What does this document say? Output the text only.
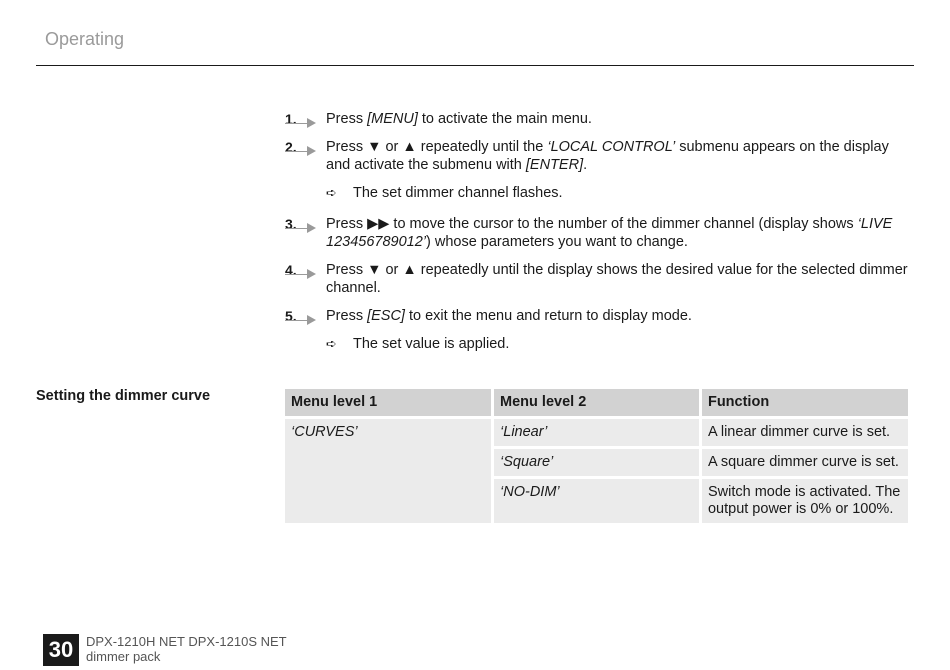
Operating
1.	Press [MENU] to activate the main menu.
2.	Press ▼ or ▲ repeatedly until the ‘LOCAL CONTROL’ submenu appears on the display and activate the submenu with [ENTER].
➪ The set dimmer channel flashes.
3.	Press ▶▶ to move the cursor to the number of the dimmer channel (display shows ‘LIVE 123456789012’) whose parameters you want to change.
4.	Press ▼ or ▲ repeatedly until the display shows the desired value for the selected dimmer channel.
5.	Press [ESC] to exit the menu and return to display mode.
➪ The set value is applied.
Setting the dimmer curve	Menu level 1	Menu level 2	Function
‘CURVES’	‘Linear’	A linear dimmer curve is set.
	‘Square’	A square dimmer curve is set.
	‘NO-DIM’	Switch mode is activated. The output power is 0% or 100%.
30 DPX-1210H NET DPX-1210S NET
dimmer pack
